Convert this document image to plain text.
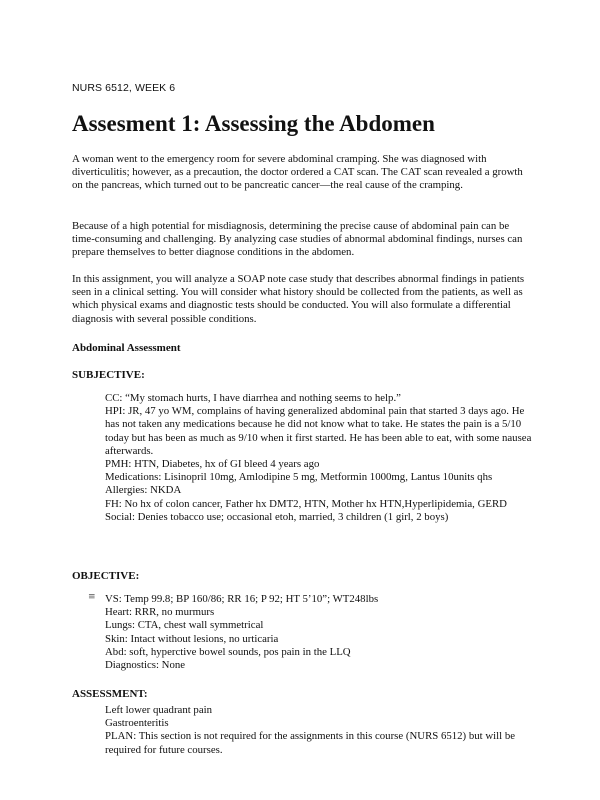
NURS 6512, WEEK 6
Assesment 1: Assessing the Abdomen

A woman went to the emergency room for severe abdominal cramping. She was diagnosed with diverticulitis; however, as a precaution, the doctor ordered a CAT scan. The CAT scan revealed a growth on the pancreas, which turned out to be pancreatic cancer—the real cause of the cramping.

Because of a high potential for misdiagnosis, determining the precise cause of abdominal pain can be time-consuming and challenging. By analyzing case studies of abnormal abdominal findings, nurses can prepare themselves to better diagnose conditions in the abdomen.

In this assignment, you will analyze a SOAP note case study that describes abnormal findings in patients seen in a clinical setting. You will consider what history should be collected from the patients, as well as which physical exams and diagnostic tests should be conducted. You will also formulate a differential diagnosis with several possible conditions.

Abdominal Assessment
SUBJECTIVE:
CC: “My stomach hurts, I have diarrhea and nothing seems to help.”
HPI: JR, 47 yo WM, complains of having generalized abdominal pain that started 3 days ago. He has not taken any medications because he did not know what to take. He states the pain is a 5/10 today but has been as much as 9/10 when it first started. He has been able to eat, with some nausea afterwards.
PMH: HTN, Diabetes, hx of GI bleed 4 years ago
Medications: Lisinopril 10mg, Amlodipine 5 mg, Metformin 1000mg, Lantus 10units qhs
Allergies: NKDA
FH: No hx of colon cancer, Father hx DMT2, HTN, Mother hx HTN,Hyperlipidemia, GERD
Social: Denies tobacco use; occasional etoh, married, 3 children (1 girl, 2 boys)
OBJECTIVE:
≡ VS: Temp 99.8; BP 160/86; RR 16; P 92; HT 5’10”; WT248lbs
Heart: RRR, no murmurs
Lungs: CTA, chest wall symmetrical
Skin: Intact without lesions, no urticaria
Abd: soft, hyperctive bowel sounds, pos pain in the LLQ
Diagnostics: None
ASSESSMENT:
Left lower quadrant pain
Gastroenteritis
PLAN: This section is not required for the assignments in this course (NURS 6512) but will be required for future courses.
